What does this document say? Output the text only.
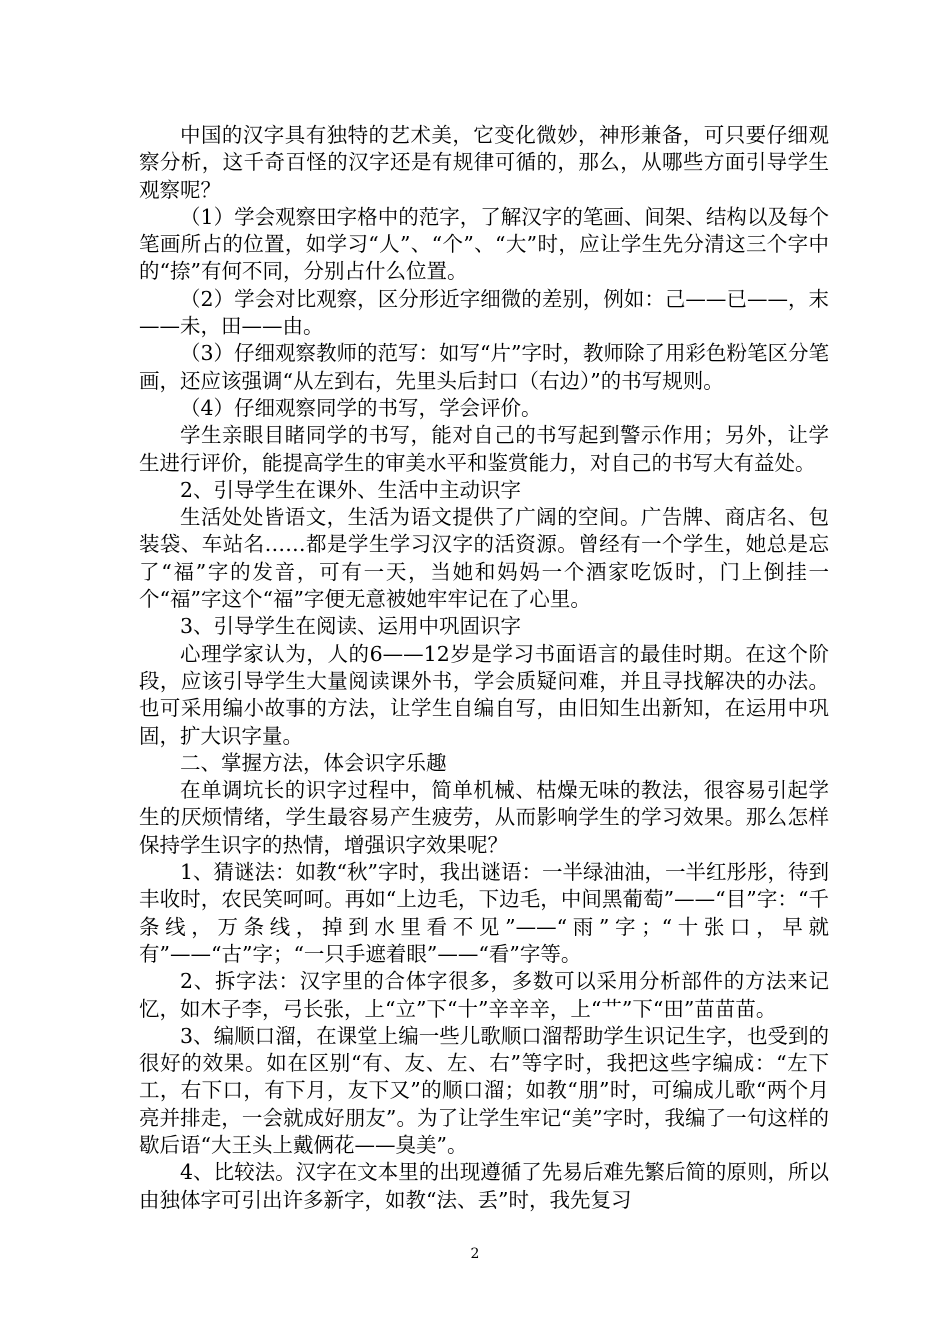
中国的汉字具有独特的艺术美，它变化微妙，神形兼备，可只要仔细观察分析，这千奇百怪的汉字还是有规律可循的，那么，从哪些方面引导学生观察呢？

（1）学会观察田字格中的范字，了解汉字的笔画、间架、结构以及每个笔画所占的位置，如学习“人”、“个”、“大”时，应让学生先分清这三个字中的“捺”有何不同，分别占什么位置。

（2）学会对比观察，区分形近字细微的差别，例如：己——已——，末——未，田——由。

（3）仔细观察教师的范写：如写“片”字时，教师除了用彩色粉笔区分笔画，还应该强调“从左到右，先里头后封口（右边）”的书写规则。

（4）仔细观察同学的书写，学会评价。

学生亲眼目睹同学的书写，能对自己的书写起到警示作用；另外，让学生进行评价，能提高学生的审美水平和鉴赏能力，对自己的书写大有益处。

2、引导学生在课外、生活中主动识字

生活处处皆语文，生活为语文提供了广阔的空间。广告牌、商店名、包装袋、车站名……都是学生学习汉字的活资源。曾经有一个学生，她总是忘了“福”字的发音，可有一天，当她和妈妈一个酒家吃饭时，门上倒挂一个“福”字这个“福”字便无意被她牢牢记在了心里。

3、引导学生在阅读、运用中巩固识字

心理学家认为，人的6——12岁是学习书面语言的最佳时期。在这个阶段，应该引导学生大量阅读课外书，学会质疑问难，并且寻找解决的办法。也可采用编小故事的方法，让学生自编自写，由旧知生出新知，在运用中巩固，扩大识字量。

二、掌握方法，体会识字乐趣

在单调坑长的识字过程中，简单机械、枯燥无味的教法，很容易引起学生的厌烦情绪，学生最容易产生疲劳，从而影响学生的学习效果。那么怎样保持学生识字的热情，增强识字效果呢？

1、猜谜法：如教“秋”字时，我出谜语：一半绿油油，一半红彤彤，待到丰收时，农民笑呵呵。再如“上边毛，下边毛，中间黑葡萄”——“目”字：“千条线，万条线，掉到水里看不见”——“雨”字；“十张口，早就有”——“古”字；“一只手遮着眼”——“看”字等。

2、拆字法：汉字里的合体字很多，多数可以采用分析部件的方法来记忆，如木子李，弓长张，上“立”下“十”辛辛辛，上“艹”下“田”苗苗苗。

3、编顺口溜，在课堂上编一些儿歌顺口溜帮助学生识记生字，也受到的很好的效果。如在区别“有、友、左、右”等字时，我把这些字编成：“左下工，右下口，有下月，友下又”的顺口溜；如教“朋”时，可编成儿歌“两个月亮并排走，一会就成好朋友”。为了让学生牢记“美”字时，我编了一句这样的歇后语“大王头上戴俩花——臭美”。

4、比较法。汉字在文本里的出现遵循了先易后难先繁后简的原则，所以由独体字可引出许多新字，如教“法、丢”时，我先复习

2
